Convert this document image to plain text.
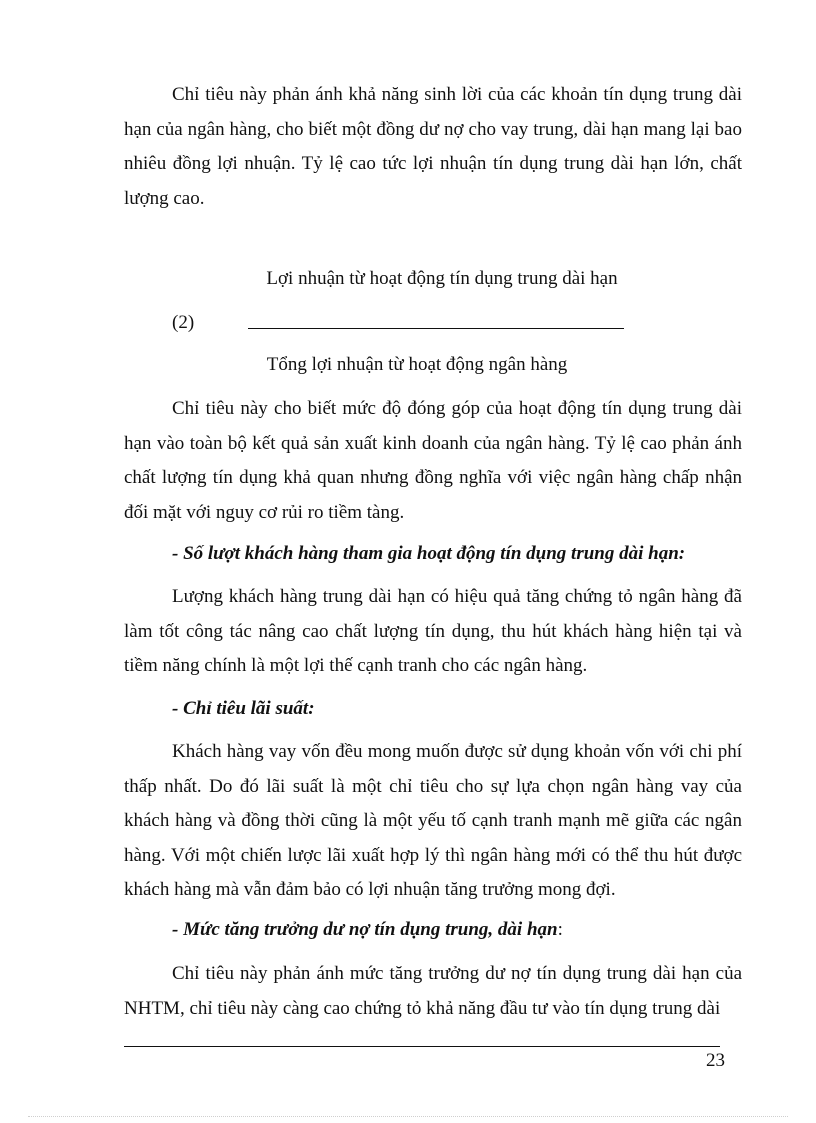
Chỉ tiêu này phản ánh khả năng sinh lời của các khoản tín dụng trung dài hạn của ngân hàng, cho biết một đồng dư nợ cho vay trung, dài hạn mang lại bao nhiêu đồng lợi nhuận. Tỷ lệ cao tức lợi nhuận tín dụng trung dài hạn lớn, chất lượng cao.

Lợi nhuận từ hoạt động tín dụng trung dài hạn
(2)
Tổng lợi nhuận từ hoạt động ngân hàng

Chỉ tiêu này cho biết mức độ đóng góp của hoạt động tín dụng trung dài hạn vào toàn bộ kết quả sản xuất kinh doanh của ngân hàng. Tỷ lệ cao phản ánh chất lượng tín dụng khả quan nhưng đồng nghĩa với việc ngân hàng chấp nhận đối mặt với nguy cơ rủi ro tiềm tàng.

- Số lượt khách hàng tham gia hoạt động tín dụng trung dài hạn:

Lượng khách hàng trung dài hạn có hiệu quả tăng chứng tỏ ngân hàng đã làm tốt công tác nâng cao chất lượng tín dụng, thu hút khách hàng hiện tại và tiềm năng chính là một lợi thế cạnh tranh cho các ngân hàng.

- Chỉ tiêu lãi suất:

Khách hàng vay vốn đều mong muốn được sử dụng khoản vốn với chi phí thấp nhất. Do đó lãi suất là một chỉ tiêu cho sự lựa chọn ngân hàng vay của khách hàng và đồng thời cũng là một yếu tố cạnh tranh mạnh mẽ giữa các ngân hàng. Với một chiến lược lãi xuất hợp lý thì ngân hàng mới có thể thu hút được khách hàng mà vẫn đảm bảo có lợi nhuận tăng trưởng mong đợi.

- Mức tăng trưởng dư nợ tín dụng trung, dài hạn:

Chỉ tiêu này phản ánh mức tăng trưởng dư nợ tín dụng trung dài hạn của NHTM, chỉ tiêu này càng cao chứng tỏ khả năng đầu tư vào tín dụng trung dài

23
